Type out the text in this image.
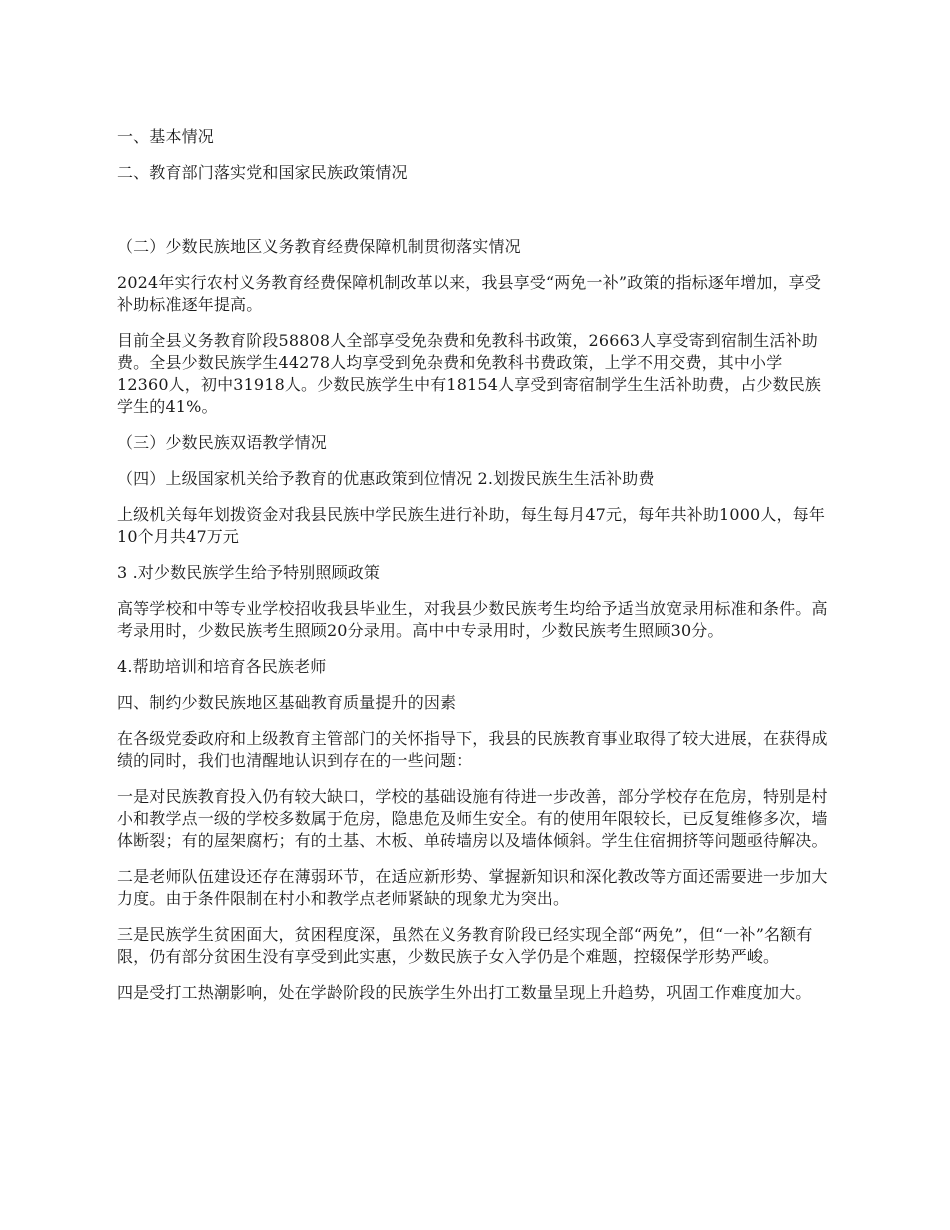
一、基本情况

二、教育部门落实党和国家民族政策情况

（二）少数民族地区义务教育经费保障机制贯彻落实情况

2024年实行农村义务教育经费保障机制改革以来，我县享受“两免一补”政策的指标逐年增加，享受补助标准逐年提高。

目前全县义务教育阶段58808人全部享受免杂费和免教科书政策，26663人享受寄到宿制生活补助费。全县少数民族学生44278人均享受到免杂费和免教科书费政策，上学不用交费，其中小学12360人，初中31918人。少数民族学生中有18154人享受到寄宿制学生生活补助费，占少数民族学生的41%。

（三）少数民族双语教学情况

（四）上级国家机关给予教育的优惠政策到位情况 2.划拨民族生生活补助费

上级机关每年划拨资金对我县民族中学民族生进行补助，每生每月47元，每年共补助1000人，每年10个月共47万元

3 .对少数民族学生给予特别照顾政策

高等学校和中等专业学校招收我县毕业生，对我县少数民族考生均给予适当放宽录用标准和条件。高考录用时，少数民族考生照顾20分录用。高中中专录用时，少数民族考生照顾30分。

4.帮助培训和培育各民族老师

四、制约少数民族地区基础教育质量提升的因素

在各级党委政府和上级教育主管部门的关怀指导下，我县的民族教育事业取得了较大进展，在获得成绩的同时，我们也清醒地认识到存在的一些问题：

一是对民族教育投入仍有较大缺口，学校的基础设施有待进一步改善，部分学校存在危房，特别是村小和教学点一级的学校多数属于危房，隐患危及师生安全。有的使用年限较长，已反复维修多次，墙体断裂；有的屋架腐朽；有的土基、木板、单砖墙房以及墙体倾斜。学生住宿拥挤等问题亟待解决。

二是老师队伍建设还存在薄弱环节，在适应新形势、掌握新知识和深化教改等方面还需要进一步加大力度。由于条件限制在村小和教学点老师紧缺的现象尤为突出。

三是民族学生贫困面大，贫困程度深，虽然在义务教育阶段已经实现全部“两免”，但“一补”名额有限，仍有部分贫困生没有享受到此实惠，少数民族子女入学仍是个难题，控辍保学形势严峻。

四是受打工热潮影响，处在学龄阶段的民族学生外出打工数量呈现上升趋势，巩固工作难度加大。
